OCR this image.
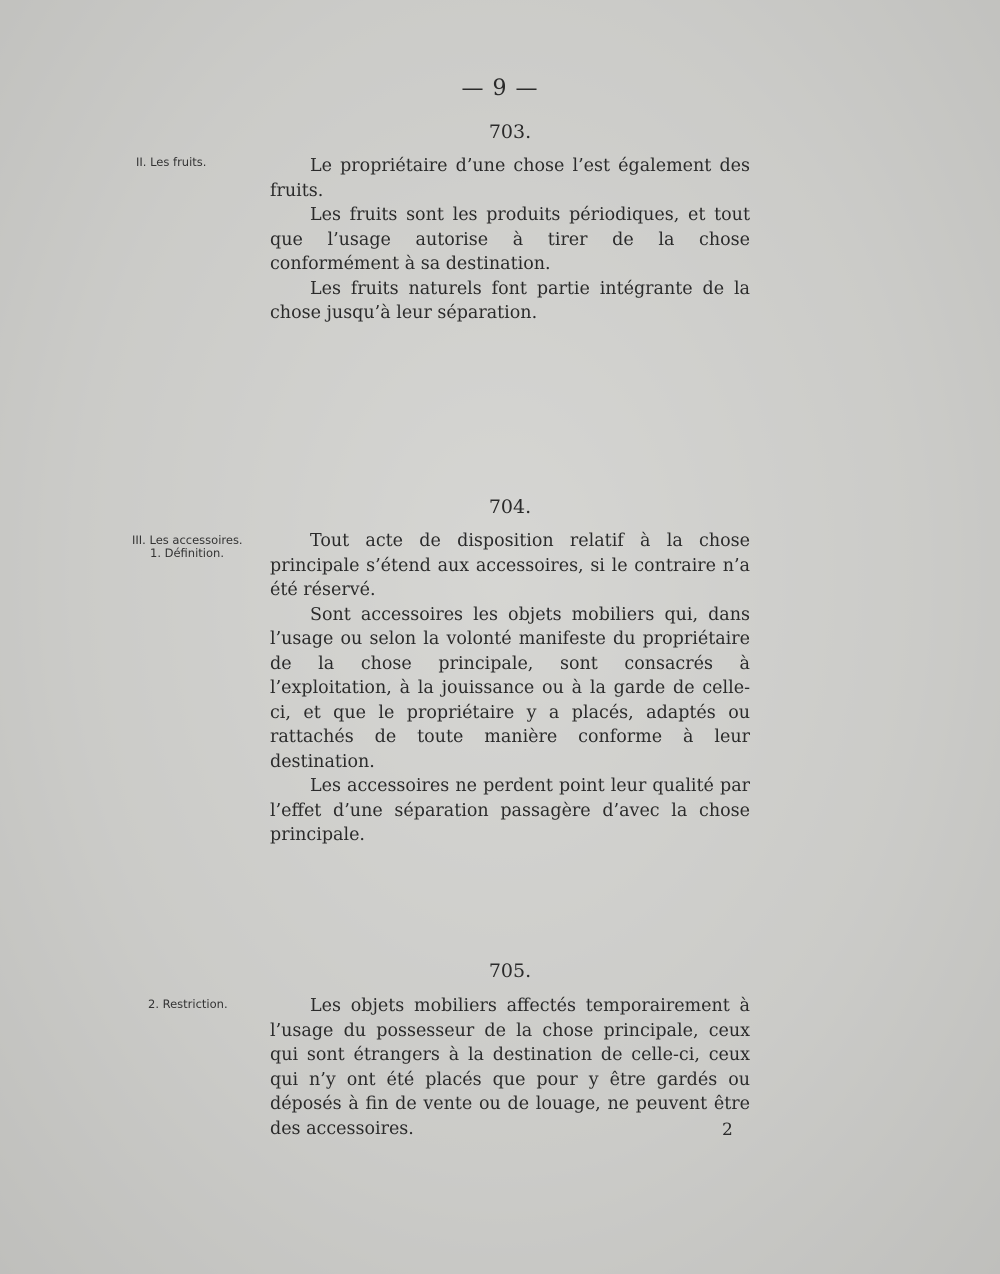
— 9 —
703.
II. Les fruits.	Le propriétaire d’une chose l’est également des fruits.

Les fruits sont les produits périodiques, et tout que l’usage autorise à tirer de la chose conformément à sa destination.

Les fruits naturels font partie intégrante de la chose jusqu’à leur séparation.

704.
III. Les accessoires.
1. Définition.

Tout acte de disposition relatif à la chose principale s’étend aux accessoires, si le contraire n’a été réservé.

Sont accessoires les objets mobiliers qui, dans l’usage ou selon la volonté manifeste du propriétaire de la chose principale, sont consacrés à l’exploitation, à la jouissance ou à la garde de celle-ci, et que le propriétaire y a placés, adaptés ou rattachés de toute manière conforme à leur destination.

Les accessoires ne perdent point leur qualité par l’effet d’une séparation passagère d’avec la chose principale.

705.
2. Restriction.	Les objets mobiliers affectés temporairement à l’usage du possesseur de la chose principale, ceux qui sont étrangers à la destination de celle-ci, ceux qui n’y ont été placés que pour y être gardés ou déposés à fin de vente ou de louage, ne peuvent être des accessoires.	2
